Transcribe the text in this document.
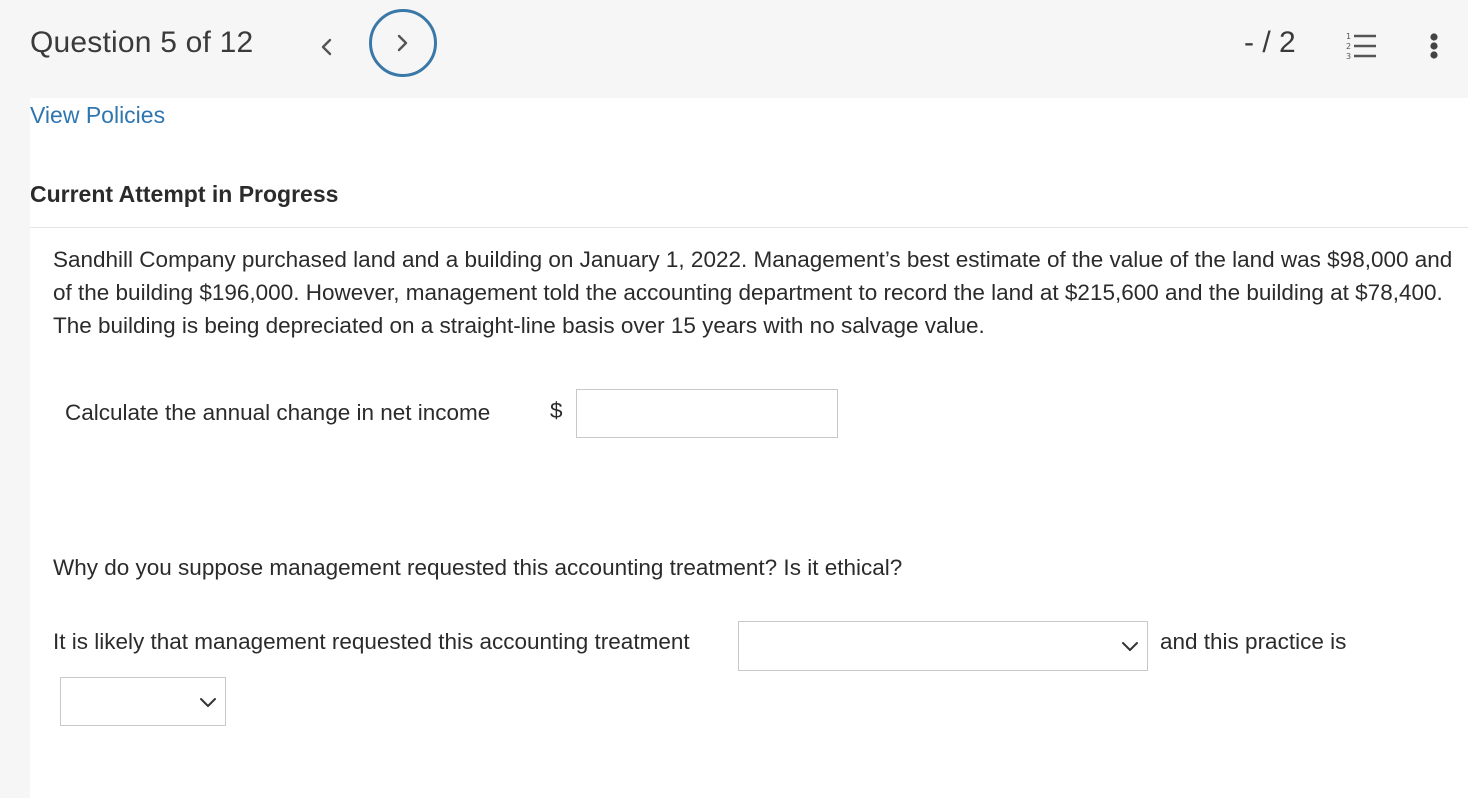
Question 5 of 12	- / 2	1
2
3
View Policies
Current Attempt in Progress
Sandhill Company purchased land and a building on January 1, 2022. Management’s best estimate of the value of the land was $98,000 and of the building $196,000. However, management told the accounting department to record the land at $215,600 and the building at $78,400. The building is being depreciated on a straight-line basis over 15 years with no salvage value.
Calculate the annual change in net income	$
Why do you suppose management requested this accounting treatment? Is it ethical?
It is likely that management requested this accounting treatment	and this practice is
